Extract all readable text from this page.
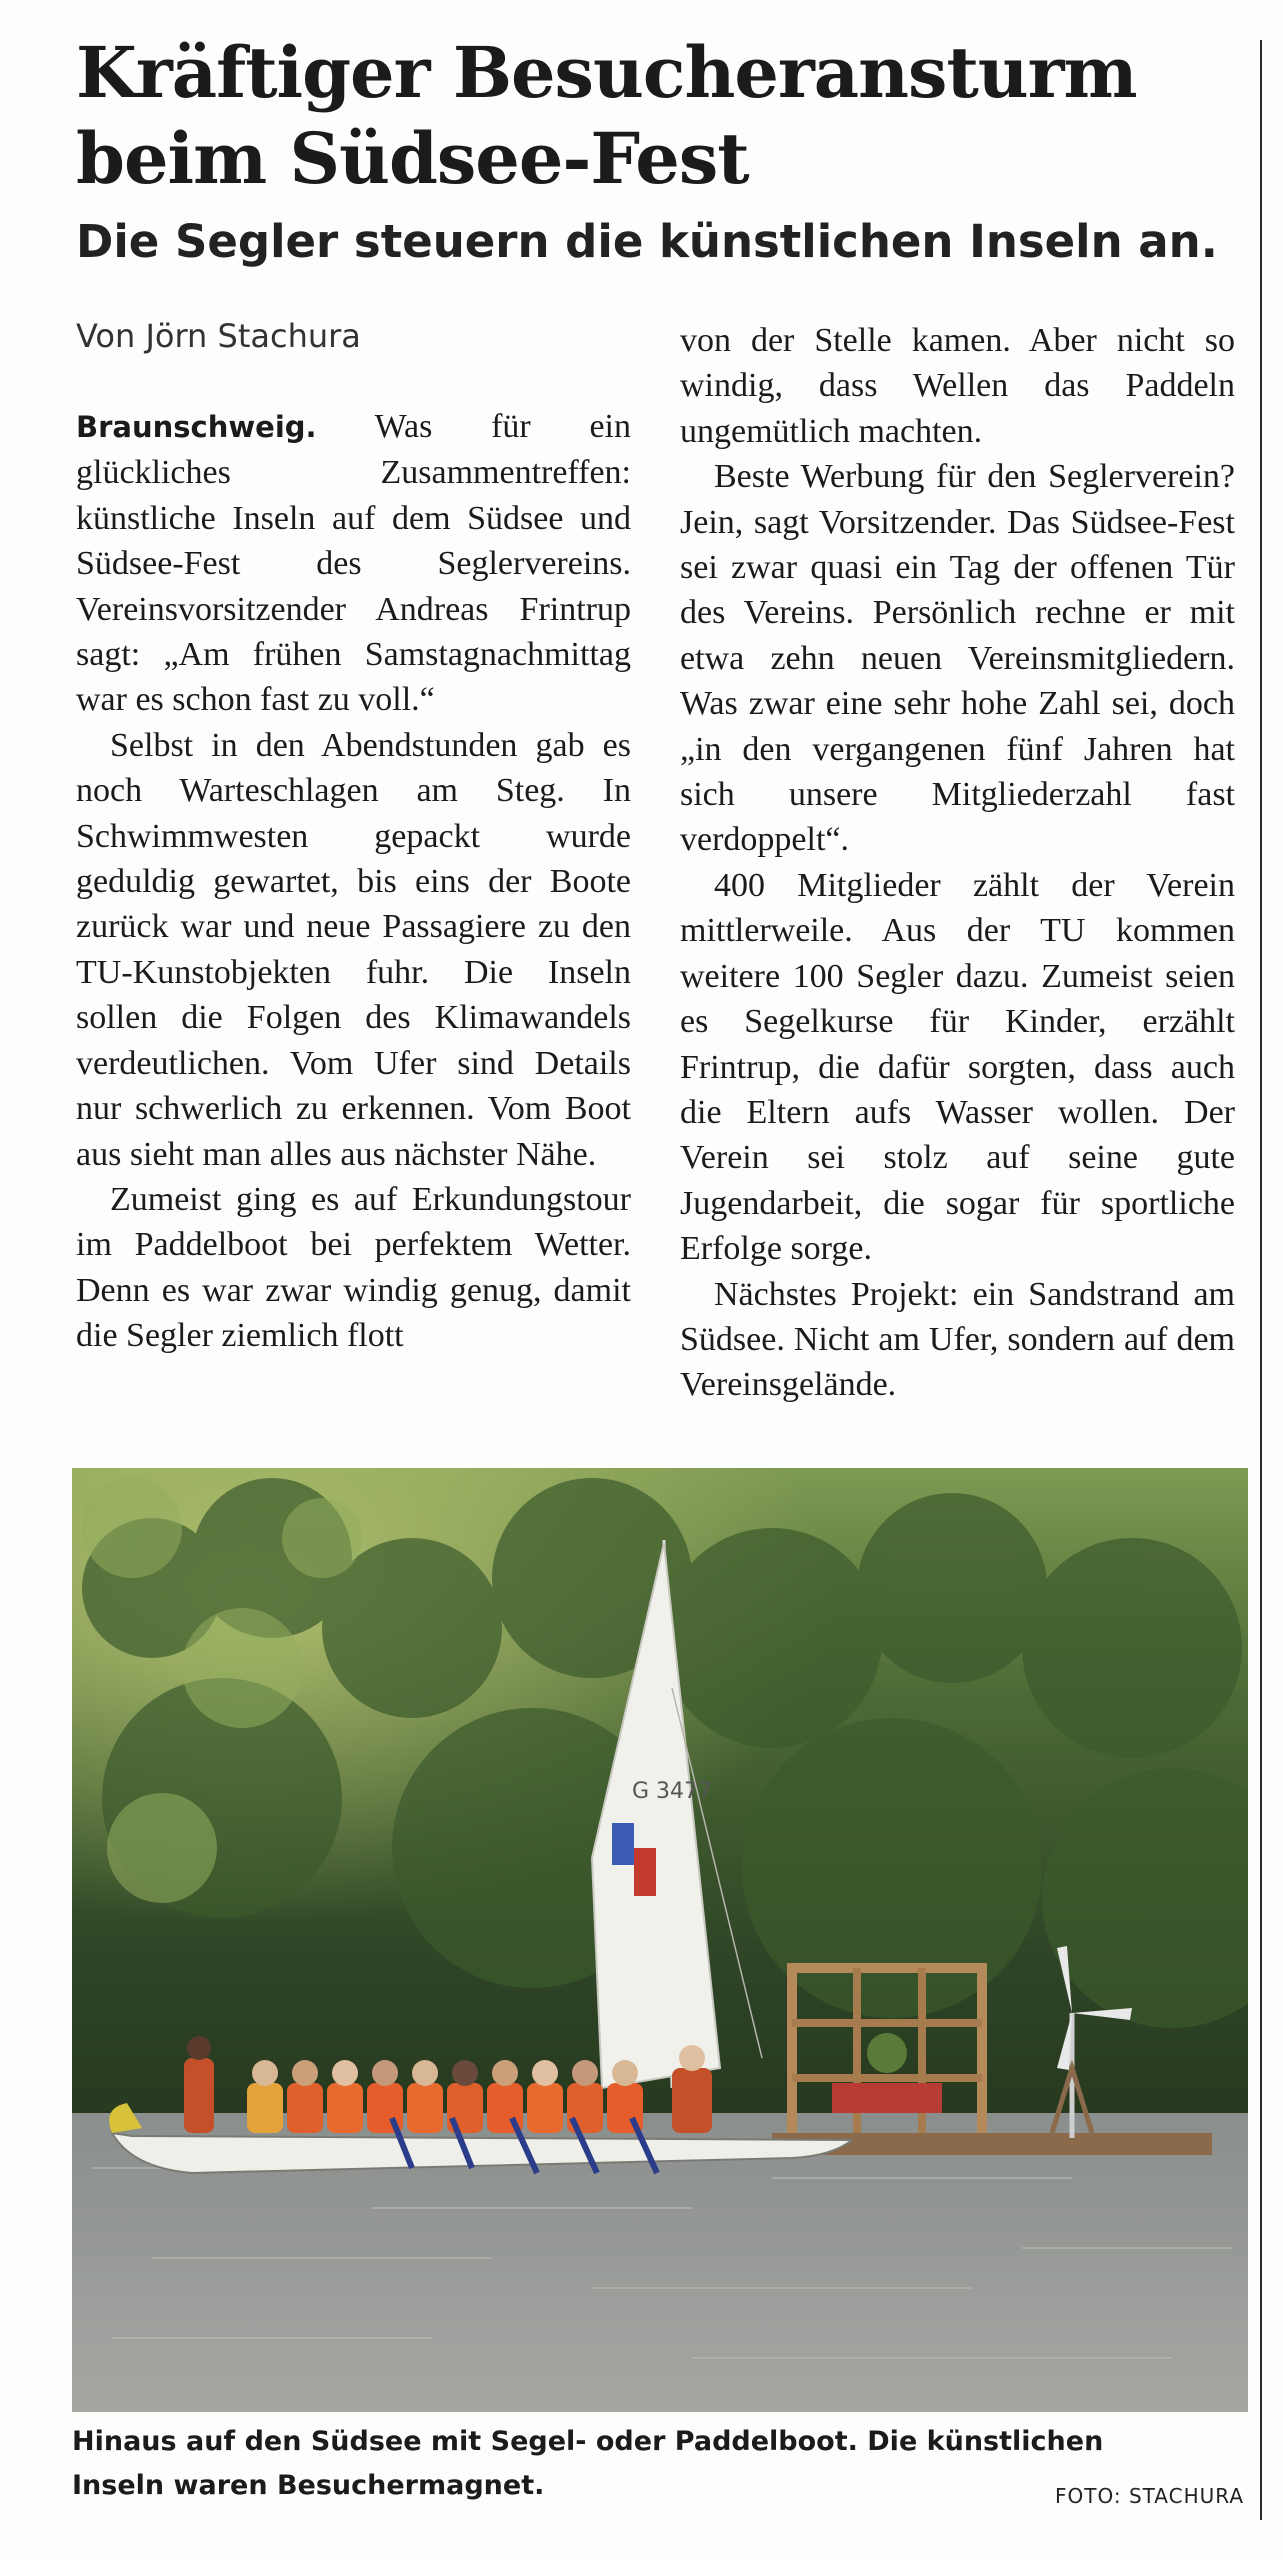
Kräftiger Besucheransturm beim Südsee-Fest
Die Segler steuern die künstlichen Inseln an.
Von Jörn Stachura

Braunschweig. Was für ein glückliches Zusammentreffen: künstliche Inseln auf dem Südsee und Südsee-Fest des Seglervereins. Vereinsvorsitzender Andreas Frintrup sagt: „Am frühen Samstagnachmittag war es schon fast zu voll.“

Selbst in den Abendstunden gab es noch Warteschlagen am Steg. In Schwimmwesten gepackt wurde geduldig gewartet, bis eins der Boote zurück war und neue Passagiere zu den TU-Kunstobjekten fuhr. Die Inseln sollen die Folgen des Klimawandels verdeutlichen. Vom Ufer sind Details nur schwerlich zu erkennen. Vom Boot aus sieht man alles aus nächster Nähe.

Zumeist ging es auf Erkundungstour im Paddelboot bei perfektem Wetter. Denn es war zwar windig genug, damit die Segler ziemlich flott

von der Stelle kamen. Aber nicht so windig, dass Wellen das Paddeln ungemütlich machten.

Beste Werbung für den Seglerverein? Jein, sagt Vorsitzender. Das Südsee-Fest sei zwar quasi ein Tag der offenen Tür des Vereins. Persönlich rechne er mit etwa zehn neuen Vereinsmitgliedern. Was zwar eine sehr hohe Zahl sei, doch „in den vergangenen fünf Jahren hat sich unsere Mitgliederzahl fast verdoppelt“.

400 Mitglieder zählt der Verein mittlerweile. Aus der TU kommen weitere 100 Segler dazu. Zumeist seien es Segelkurse für Kinder, erzählt Frintrup, die dafür sorgten, dass auch die Eltern aufs Wasser wollen. Der Verein sei stolz auf seine gute Jugendarbeit, die sogar für sportliche Erfolge sorge.

Nächstes Projekt: ein Sandstrand am Südsee. Nicht am Ufer, sondern auf dem Vereinsgelände.

G 3477
Hinaus auf den Südsee mit Segel- oder Paddelboot. Die künstlichen Inseln waren Besuchermagnet.	FOTO: STACHURA
